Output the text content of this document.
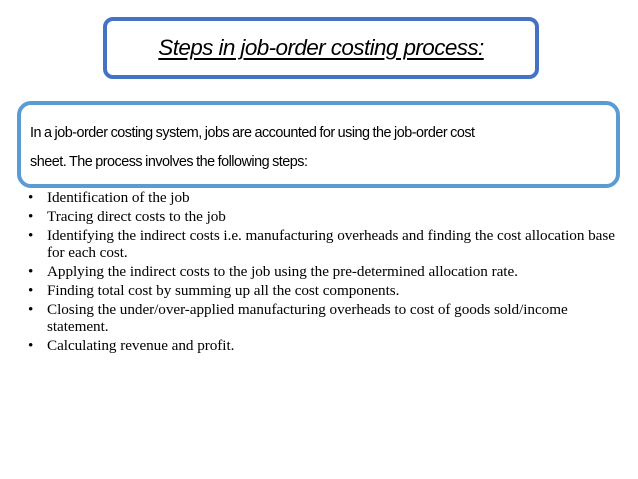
Steps in job-order costing process:

In a job-order costing system, jobs are accounted for using the job-order cost

sheet. The process involves the following steps:

• Identification of the job
• Tracing direct costs to the job
• Identifying the indirect costs i.e. manufacturing overheads and finding the cost allocation base for each cost.
• Applying the indirect costs to the job using the pre-determined allocation rate.
• Finding total cost by summing up all the cost components.
• Closing the under/over-applied manufacturing overheads to cost of goods sold/income statement.
• Calculating revenue and profit.
